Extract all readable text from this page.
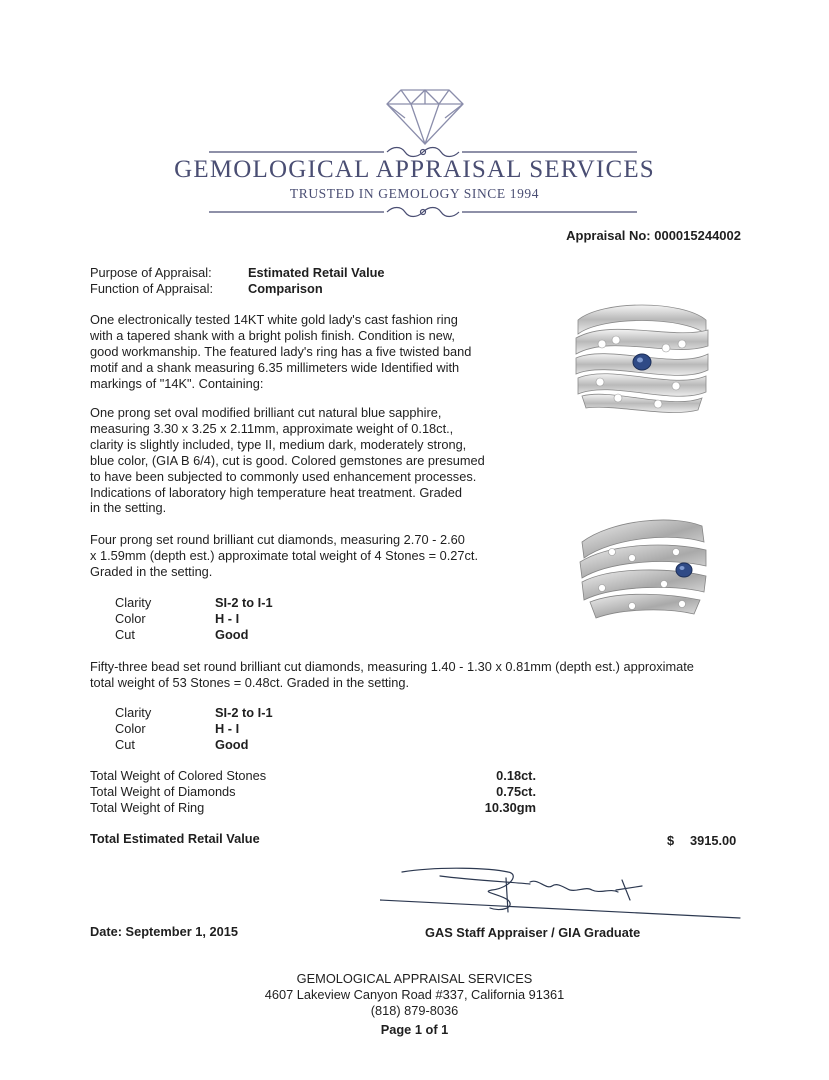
GEMOLOGICAL APPRAISAL SERVICES
TRUSTED IN GEMOLOGY SINCE 1994
Appraisal No: 000015244002
Purpose of Appraisal:	Estimated Retail Value
Function of Appraisal:	Comparison
One electronically tested 14KT white gold lady's cast fashion ring
with a tapered shank with a bright polish finish. Condition is new,
good workmanship. The featured lady's ring has a five twisted band
motif and a shank measuring 6.35 millimeters wide Identified with
markings of "14K". Containing:
One prong set oval modified brilliant cut natural blue sapphire,
measuring 3.30 x 3.25 x 2.11mm, approximate weight of 0.18ct.,
clarity is slightly included, type II, medium dark, moderately strong,
blue color, (GIA B 6/4), cut is good. Colored gemstones are presumed
to have been subjected to commonly used enhancement processes.
Indications of laboratory high temperature heat treatment. Graded
in the setting.
Four prong set round brilliant cut diamonds, measuring 2.70 - 2.60
x 1.59mm (depth est.) approximate total weight of 4 Stones = 0.27ct.
Graded in the setting.
Clarity	SI-2 to I-1
Color	H - I
Cut	Good
Fifty-three bead set round brilliant cut diamonds, measuring 1.40 - 1.30 x 0.81mm (depth est.) approximate
total weight of 53 Stones = 0.48ct. Graded in the setting.
Clarity	SI-2 to I-1
Color	H - I
Cut	Good
Total Weight of Colored Stones	0.18ct.
Total Weight of Diamonds	0.75ct.
Total Weight of Ring	10.30gm
Total Estimated Retail Value	$ 3915.00
Date: September 1, 2015	GAS Staff Appraiser / GIA Graduate
GEMOLOGICAL APPRAISAL SERVICES
4607 Lakeview Canyon Road #337, California 91361
(818) 879-8036
Page 1 of 1
